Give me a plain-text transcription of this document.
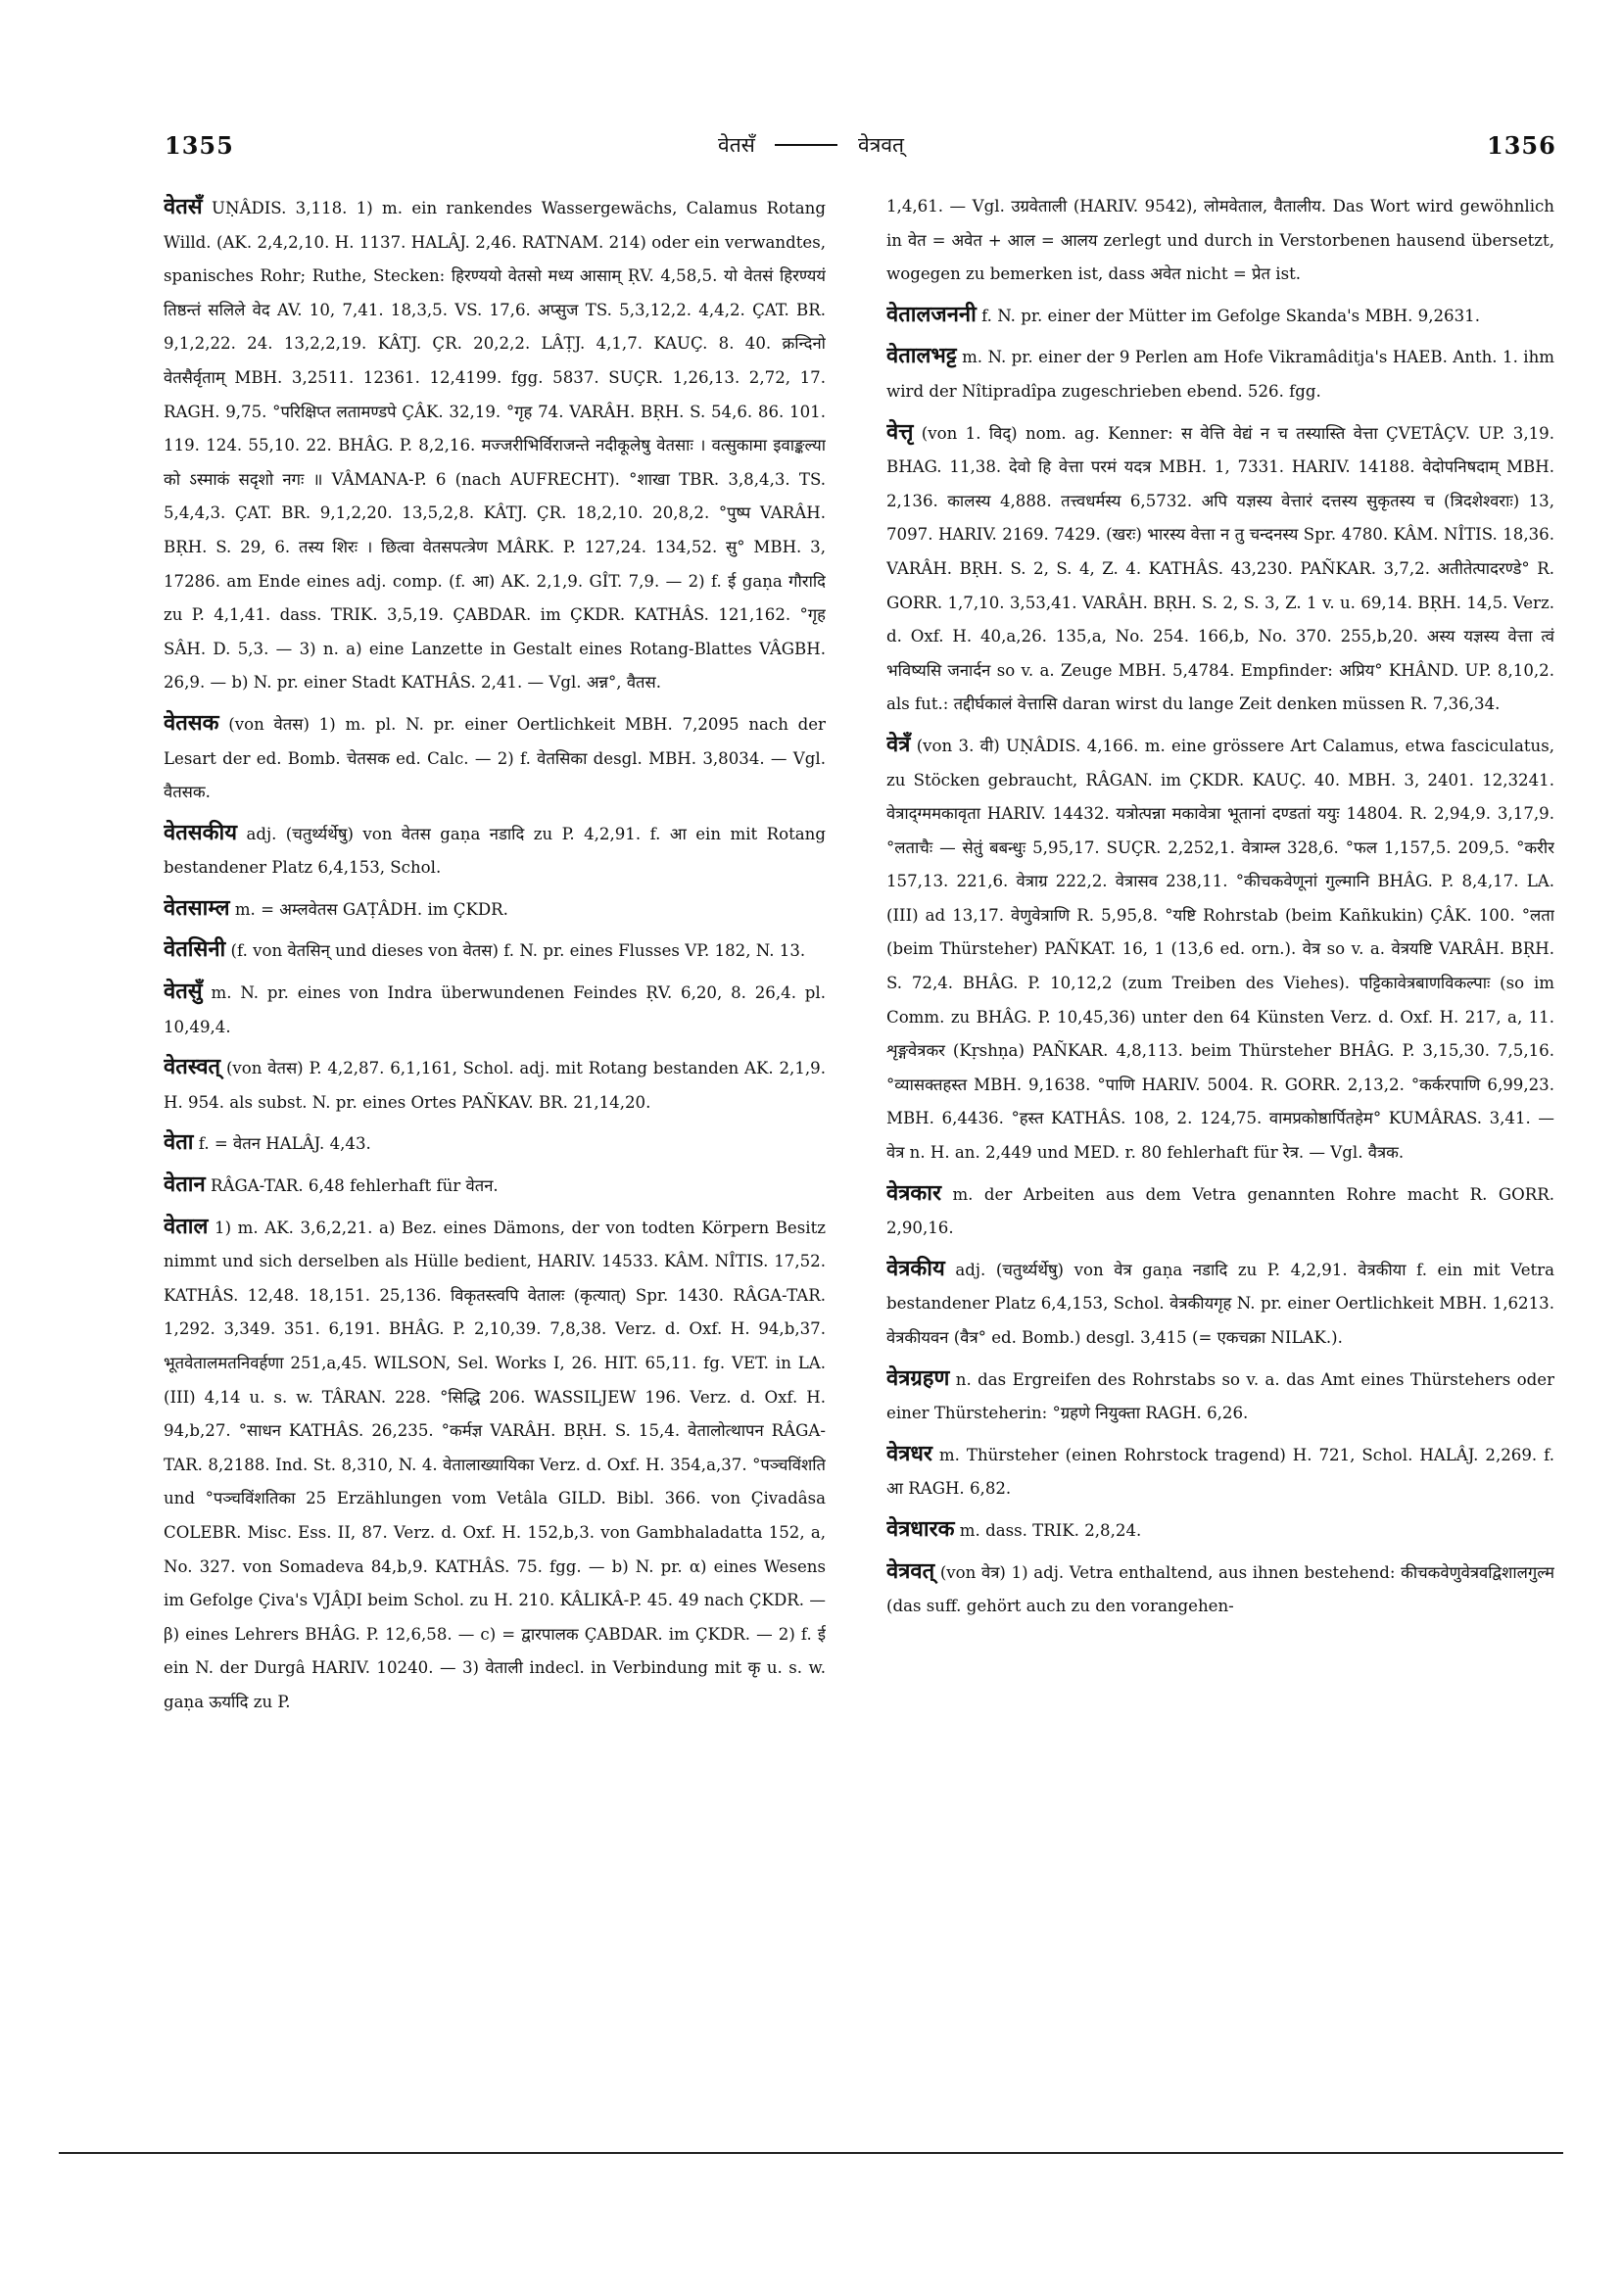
1355	वेतसँ	वेत्रवत्	1356

वेतसँ UṆÂDIS. 3,118. 1) m. ein rankendes Wassergewächs, Calamus Rotang Willd. (AK. 2,4,2,10. H. 1137. HALÂJ. 2,46. RATNAM. 214) oder ein verwandtes, spanisches Rohr; Ruthe, Stecken: हिरण्ययो वेतसो मध्य आसाम् ṚV. 4,58,5. यो वेतसं हिरण्ययं तिष्ठन्तं सलिले वेद AV. 10, 7,41. 18,3,5. VS. 17,6. अप्सुज TS. 5,3,12,2. 4,4,2. ÇAT. BR. 9,1,2,22. 24. 13,2,2,19. KÂTJ. ÇR. 20,2,2. LÂṬJ. 4,1,7. KAUÇ. 8. 40. क्रन्दिनो वेतसैर्वृताम् MBH. 3,2511. 12361. 12,4199. fgg. 5837. SUÇR. 1,26,13. 2,72, 17. RAGH. 9,75. °परिक्षिप्त लतामण्डपे ÇÂK. 32,19. °गृह 74. VARÂH. BṚH. S. 54,6. 86. 101. 119. 124. 55,10. 22. BHÂG. P. 8,2,16. मज्जरीभिर्विराजन्ते नदीकूलेषु वेतसाः । वत्सुकामा इवाङ्कल्या को ऽस्माकं सदृशो नगः ॥ VÂMANA-P. 6 (nach AUFRECHT). °शाखा TBR. 3,8,4,3. TS. 5,4,4,3. ÇAT. BR. 9,1,2,20. 13,5,2,8. KÂTJ. ÇR. 18,2,10. 20,8,2. °पुष्प VARÂH. BṚH. S. 29, 6. तस्य शिरः । छित्वा वेतसपत्त्रेण MÂRK. P. 127,24. 134,52. सु° MBH. 3, 17286. am Ende eines adj. comp. (f. आ) AK. 2,1,9. GÎT. 7,9. — 2) f. ई gaṇa गौरादि zu P. 4,1,41. dass. TRIK. 3,5,19. ÇABDAR. im ÇKDR. KATHÂS. 121,162. °गृह SÂH. D. 5,3. — 3) n. a) eine Lanzette in Gestalt eines Rotang-Blattes VÂGBH. 26,9. — b) N. pr. einer Stadt KATHÂS. 2,41. — Vgl. अन्न°, वैतस.

वेतसक (von वेतस) 1) m. pl. N. pr. einer Oertlichkeit MBH. 7,2095 nach der Lesart der ed. Bomb. चेतसक ed. Calc. — 2) f. वेतसिका desgl. MBH. 3,8034. — Vgl. वैतसक.

वेतसकीय adj. (चतुर्थ्यर्थेषु) von वेतस gaṇa नडादि zu P. 4,2,91. f. आ ein mit Rotang bestandener Platz 6,4,153, Schol.

वेतसाम्ल m. = अम्लवेतस GAṬÂDH. im ÇKDR.

वेतसिनी (f. von वेतसिन् und dieses von वेतस) f. N. pr. eines Flusses VP. 182, N. 13.

वेतसुँ m. N. pr. eines von Indra überwundenen Feindes ṚV. 6,20, 8. 26,4. pl. 10,49,4.

वेतस्वत् (von वेतस) P. 4,2,87. 6,1,161, Schol. adj. mit Rotang bestanden AK. 2,1,9. H. 954. als subst. N. pr. eines Ortes PAÑKAV. BR. 21,14,20.

वेता f. = वेतन HALÂJ. 4,43.

वेतान RÂGA-TAR. 6,48 fehlerhaft für वेतन.

वेताल 1) m. AK. 3,6,2,21. a) Bez. eines Dämons, der von todten Körpern Besitz nimmt und sich derselben als Hülle bedient, HARIV. 14533. KÂM. NÎTIS. 17,52. KATHÂS. 12,48. 18,151. 25,136. विकृतस्त्वपि वेतालः (कृत्यात्) Spr. 1430. RÂGA-TAR. 1,292. 3,349. 351. 6,191. BHÂG. P. 2,10,39. 7,8,38. Verz. d. Oxf. H. 94,b,37. भूतवेतालमतनिवर्हणा 251,a,45. WILSON, Sel. Works I, 26. HIT. 65,11. fg. VET. in LA. (III) 4,14 u. s. w. TÂRAN. 228. °सिद्धि 206. WASSILJEW 196. Verz. d. Oxf. H. 94,b,27. °साधन KATHÂS. 26,235. °कर्मज्ञ VARÂH. BṚH. S. 15,4. वेतालोत्थापन RÂGA-TAR. 8,2188. Ind. St. 8,310, N. 4. वेतालाख्यायिका Verz. d. Oxf. H. 354,a,37. °पञ्चविंशति und °पञ्चविंशतिका 25 Erzählungen vom Vetâla GILD. Bibl. 366. von Çivadâsa COLEBR. Misc. Ess. II, 87. Verz. d. Oxf. H. 152,b,3. von Gambhaladatta 152, a, No. 327. von Somadeva 84,b,9. KATHÂS. 75. fgg. — b) N. pr. α) eines Wesens im Gefolge Çiva's VJÂḌI beim Schol. zu H. 210. KÂLIKÂ-P. 45. 49 nach ÇKDR. — β) eines Lehrers BHÂG. P. 12,6,58. — c) = द्वारपालक ÇABDAR. im ÇKDR. — 2) f. ई ein N. der Durgâ HARIV. 10240. — 3) वेताली indecl. in Verbindung mit कृ u. s. w. gaṇa ऊर्यादि zu P.

1,4,61. — Vgl. उग्रवेताली (HARIV. 9542), लोमवेताल, वैतालीय. Das Wort wird gewöhnlich in वेत = अवेत + आल = आलय zerlegt und durch in Verstorbenen hausend übersetzt, wogegen zu bemerken ist, dass अवेत nicht = प्रेत ist.

वेतालजननी f. N. pr. einer der Mütter im Gefolge Skanda's MBH. 9,2631.

वेतालभट्ट m. N. pr. einer der 9 Perlen am Hofe Vikramâditja's HAEB. Anth. 1. ihm wird der Nîtipradîpa zugeschrieben ebend. 526. fgg.

वेत्तृ (von 1. विद्) nom. ag. Kenner: स वेत्ति वेद्यं न च तस्यास्ति वेत्ता ÇVETÂÇV. UP. 3,19. BHAG. 11,38. देवो हि वेत्ता परमं यदत्र MBH. 1, 7331. HARIV. 14188. वेदोपनिषदाम् MBH. 2,136. कालस्य 4,888. तत्त्वधर्मस्य 6,5732. अपि यज्ञस्य वेत्तारं दत्तस्य सुकृतस्य च (त्रिदशेश्वराः) 13, 7097. HARIV. 2169. 7429. (खरः) भारस्य वेत्ता न तु चन्दनस्य Spr. 4780. KÂM. NÎTIS. 18,36. VARÂH. BṚH. S. 2, S. 4, Z. 4. KATHÂS. 43,230. PAÑKAR. 3,7,2. अतीतेत्पादरण्डे° R. GORR. 1,7,10. 3,53,41. VARÂH. BṚH. S. 2, S. 3, Z. 1 v. u. 69,14. BṚH. 14,5. Verz. d. Oxf. H. 40,a,26. 135,a, No. 254. 166,b, No. 370. 255,b,20. अस्य यज्ञस्य वेत्ता त्वं भविष्यसि जनार्दन so v. a. Zeuge MBH. 5,4784. Empfinder: अप्रिय° KHÂND. UP. 8,10,2. als fut.: तद्दीर्घकालं वेत्तासि daran wirst du lange Zeit denken müssen R. 7,36,34.

वेत्रँ (von 3. वी) UṆÂDIS. 4,166. m. eine grössere Art Calamus, etwa fasciculatus, zu Stöcken gebraucht, RÂGAN. im ÇKDR. KAUÇ. 40. MBH. 3, 2401. 12,3241. वेत्राद्ग्ममकावृता HARIV. 14432. यत्रोत्पन्ना मकावेत्रा भूतानां दण्डतां ययुः 14804. R. 2,94,9. 3,17,9. °लताचैः — सेतुं बबन्धुः 5,95,17. SUÇR. 2,252,1. वेत्राम्ल 328,6. °फल 1,157,5. 209,5. °करीर 157,13. 221,6. वेत्राग्र 222,2. वेत्रासव 238,11. °कीचकवेणूनां गुल्मानि BHÂG. P. 8,4,17. LA. (III) ad 13,17. वेणुवेत्राणि R. 5,95,8. °यष्टि Rohrstab (beim Kañkukin) ÇÂK. 100. °लता (beim Thürsteher) PAÑKAT. 16, 1 (13,6 ed. orn.). वेत्र so v. a. वेत्रयष्टि VARÂH. BṚH. S. 72,4. BHÂG. P. 10,12,2 (zum Treiben des Viehes). पट्टिकावेत्रबाणविकल्पाः (so im Comm. zu BHÂG. P. 10,45,36) unter den 64 Künsten Verz. d. Oxf. H. 217, a, 11. शृङ्गवेत्रकर (Kṛshṇa) PAÑKAR. 4,8,113. beim Thürsteher BHÂG. P. 3,15,30. 7,5,16. °व्यासक्तहस्त MBH. 9,1638. °पाणि HARIV. 5004. R. GORR. 2,13,2. °कर्करपाणि 6,99,23. MBH. 6,4436. °हस्त KATHÂS. 108, 2. 124,75. वामप्रकोष्ठार्पितहेम° KUMÂRAS. 3,41. — वेत्र n. H. an. 2,449 und MED. r. 80 fehlerhaft für रेत्र. — Vgl. वैत्रक.

वेत्रकार m. der Arbeiten aus dem Vetra genannten Rohre macht R. GORR. 2,90,16.

वेत्रकीय adj. (चतुर्थ्यर्थेषु) von वेत्र gaṇa नडादि zu P. 4,2,91. वेत्रकीया f. ein mit Vetra bestandener Platz 6,4,153, Schol. वेत्रकीयगृह N. pr. einer Oertlichkeit MBH. 1,6213. वेत्रकीयवन (वैत्र° ed. Bomb.) desgl. 3,415 (= एकचक्रा NILAK.).

वेत्रग्रहण n. das Ergreifen des Rohrstabs so v. a. das Amt eines Thürstehers oder einer Thürsteherin: °ग्रहणे नियुक्ता RAGH. 6,26.

वेत्रधर m. Thürsteher (einen Rohrstock tragend) H. 721, Schol. HALÂJ. 2,269. f. आ RAGH. 6,82.

वेत्रधारक m. dass. TRIK. 2,8,24.

वेत्रवत् (von वेत्र) 1) adj. Vetra enthaltend, aus ihnen bestehend: कीचकवेणुवेत्रवद्विशालगुल्म (das suff. gehört auch zu den vorangehen-
